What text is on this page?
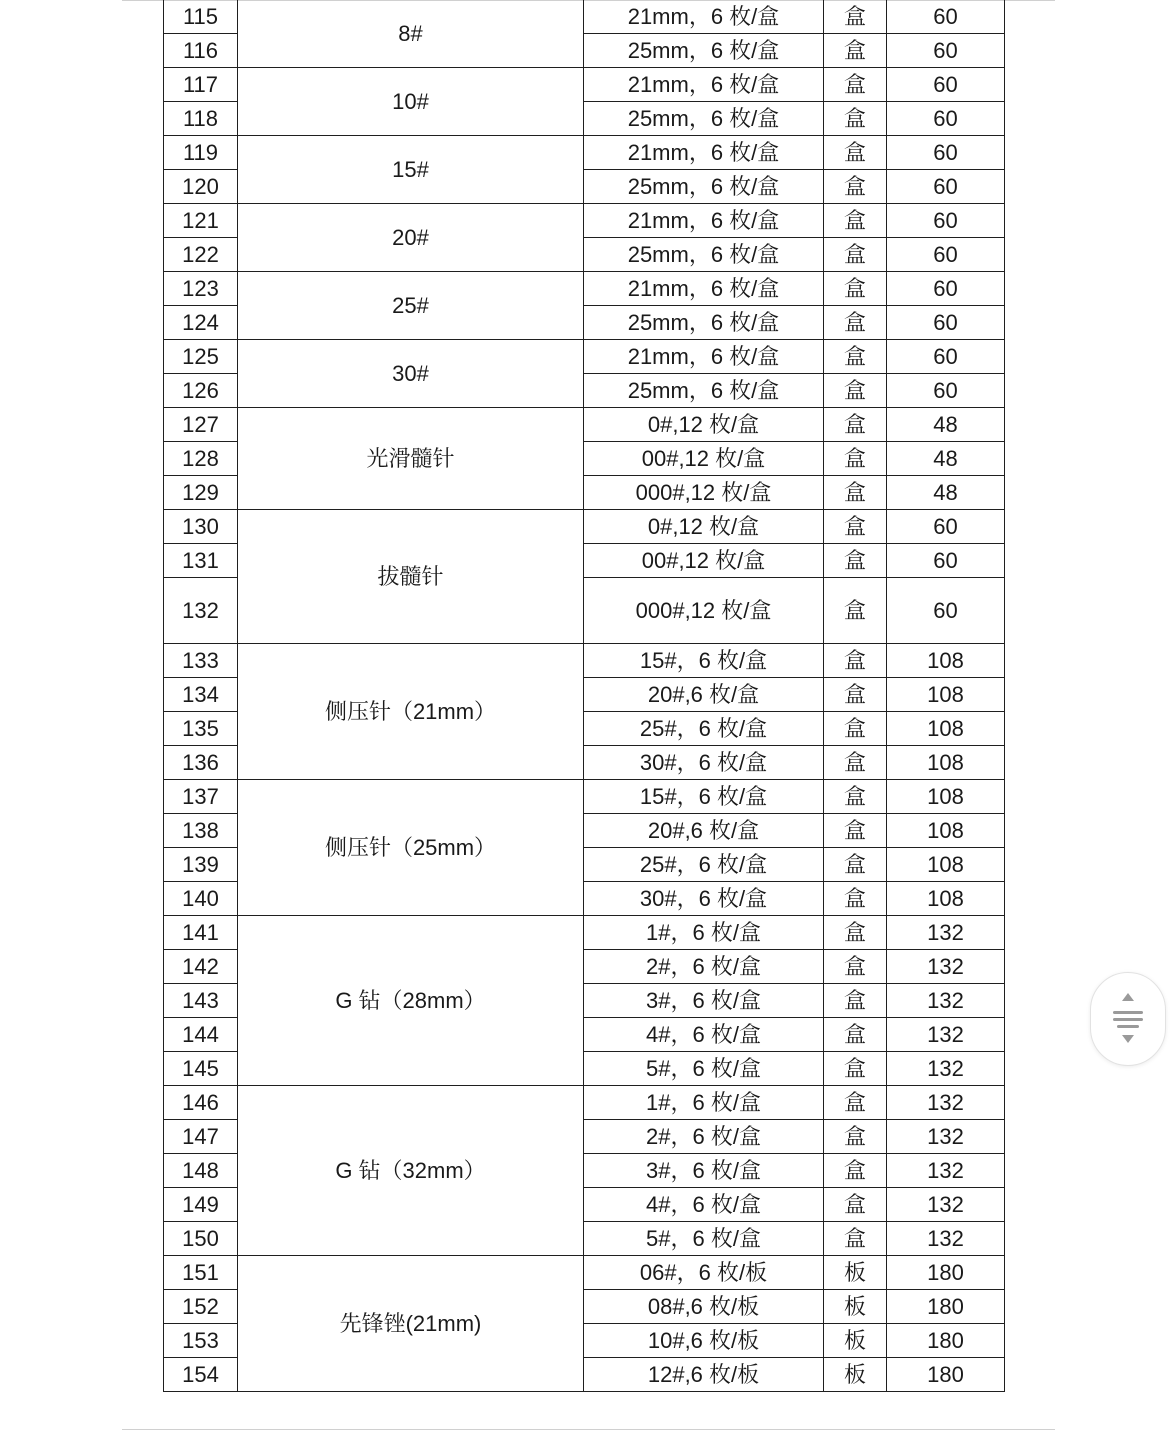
115	8#	21mm，6 枚/盒	盒	60
116		25mm，6 枚/盒	盒	60
117	10#	21mm，6 枚/盒	盒	60
118		25mm，6 枚/盒	盒	60
119	15#	21mm，6 枚/盒	盒	60
120		25mm，6 枚/盒	盒	60
121	20#	21mm，6 枚/盒	盒	60
122		25mm，6 枚/盒	盒	60
123	25#	21mm，6 枚/盒	盒	60
124		25mm，6 枚/盒	盒	60
125	30#	21mm，6 枚/盒	盒	60
126		25mm，6 枚/盒	盒	60
127	光滑髓针	0#,12 枚/盒	盒	48
128		00#,12 枚/盒	盒	48
129		000#,12 枚/盒	盒	48
130	拔髓针	0#,12 枚/盒	盒	60
131		00#,12 枚/盒	盒	60
132		000#,12 枚/盒	盒	60
133	侧压针（21mm）	15#，6 枚/盒	盒	108
134		20#,6 枚/盒	盒	108
135		25#，6 枚/盒	盒	108
136		30#，6 枚/盒	盒	108
137	侧压针（25mm）	15#，6 枚/盒	盒	108
138		20#,6 枚/盒	盒	108
139		25#，6 枚/盒	盒	108
140		30#，6 枚/盒	盒	108
141	G 钻（28mm）	1#，6 枚/盒	盒	132
142		2#，6 枚/盒	盒	132
143		3#，6 枚/盒	盒	132
144		4#，6 枚/盒	盒	132
145		5#，6 枚/盒	盒	132
146	G 钻（32mm）	1#，6 枚/盒	盒	132
147		2#，6 枚/盒	盒	132
148		3#，6 枚/盒	盒	132
149		4#，6 枚/盒	盒	132
150		5#，6 枚/盒	盒	132
151	先锋锉(21mm)	06#，6 枚/板	板	180
152		08#,6 枚/板	板	180
153		10#,6 枚/板	板	180
154		12#,6 枚/板	板	180
